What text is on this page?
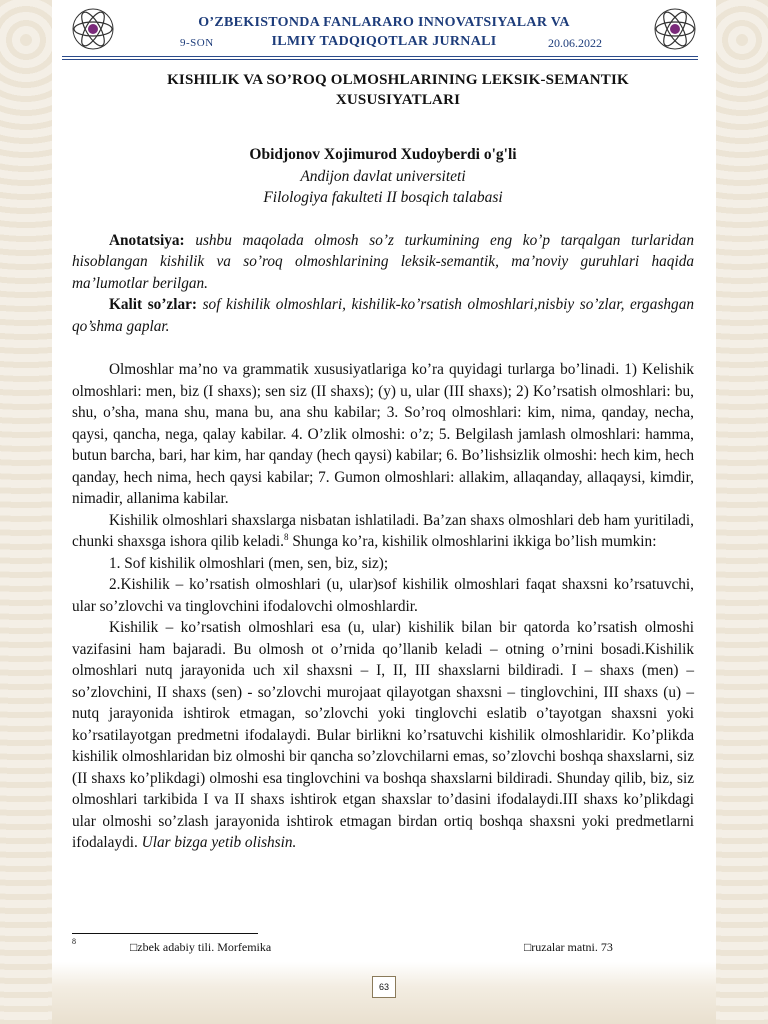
O’ZBEKISTONDA FANLARARO INNOVATSIYALAR VA
ILMIY TADQIQOTLAR JURNALI
9-SON	20.06.2022
KISHILIK VA SO’ROQ OLMOSHLARINING LEKSIK-SEMANTIK XUSUSIYATLARI
Obidjonov Xojimurod Xudoyberdi o'g'li
Andijon davlat universiteti
Filologiya fakulteti II bosqich talabasi

Anotatsiya: ushbu maqolada olmosh so’z turkumining eng ko’p tarqalgan turlaridan hisoblangan kishilik va so’roq olmoshlarining leksik-semantik, ma’noviy guruhlari haqida ma’lumotlar berilgan.

Kalit so’zlar: sof kishilik olmoshlari, kishilik-ko’rsatish olmoshlari,nisbiy so’zlar, ergashgan qo’shma gaplar.

Olmoshlar ma’no va grammatik xususiyatlariga ko’ra quyidagi turlarga bo’linadi. 1) Kelishik olmoshlari: men, biz (I shaxs); sen siz (II shaxs); (y) u, ular (III shaxs); 2) Ko’rsatish olmoshlari: bu, shu, o’sha, mana shu, mana bu, ana shu kabilar; 3. So’roq olmoshlari: kim, nima, qanday, necha, qaysi, qancha, nega, qalay kabilar. 4. O’zlik olmoshi: o’z; 5. Belgilash jamlash olmoshlari: hamma, butun barcha, bari, har kim, har qanday (hech qaysi) kabilar; 6. Bo’lishsizlik olmoshi: hech kim, hech qanday, hech nima, hech qaysi kabilar; 7. Gumon olmoshlari: allakim, allaqanday, allaqaysi, kimdir, nimadir, allanima kabilar.

Kishilik olmoshlari shaxslarga nisbatan ishlatiladi. Ba’zan shaxs olmoshlari deb ham yuritiladi, chunki shaxsga ishora qilib keladi.$^8$ Shunga ko’ra, kishilik olmoshlarini ikkiga bo’lish mumkin:

1. Sof kishilik olmoshlari (men, sen, biz, siz);

2.Kishilik – ko’rsatish olmoshlari (u, ular)sof kishilik olmoshlari faqat shaxsni ko’rsatuvchi, ular so’zlovchi va tinglovchini ifodalovchi olmoshlardir.

Kishilik – ko’rsatish olmoshlari esa (u, ular) kishilik bilan bir qatorda ko’rsatish olmoshi vazifasini ham bajaradi. Bu olmosh ot o’rnida qo’llanib keladi – otning o’rnini bosadi.Kishilik olmoshlari nutq jarayonida uch xil shaxsni – I, II, III shaxslarni bildiradi. I – shaxs (men) – so’zlovchini, II shaxs (sen) - so’zlovchi murojaat qilayotgan shaxsni – tinglovchini, III shaxs (u) – nutq jarayonida ishtirok etmagan, so’zlovchi yoki tinglovchi eslatib o’tayotgan shaxsni yoki ko’rsatilayotgan predmetni ifodalaydi. Bular birlikni ko’rsatuvchi kishilik olmoshlaridir. Ko’plikda kishilik olmoshlaridan biz olmoshi bir qancha so’zlovchilarni emas, so’zlovchi boshqa shaxslarni, siz (II shaxs ko’plikdagi) olmoshi esa tinglovchini va boshqa shaxslarni bildiradi. Shunday qilib, biz, siz olmoshlari tarkibida I va II shaxs ishtirok etgan shaxslar to’dasini ifodalaydi.III shaxs ko’plikdagi ular olmoshi so’zlash jarayonida ishtirok etmagan birdan ortiq boshqa shaxsni yoki predmetlarni ifodalaydi. Ular bizga yetib olishsin.

8	□zbek adabiy tili. Morfemika	□ruzalar matni. 73
63
